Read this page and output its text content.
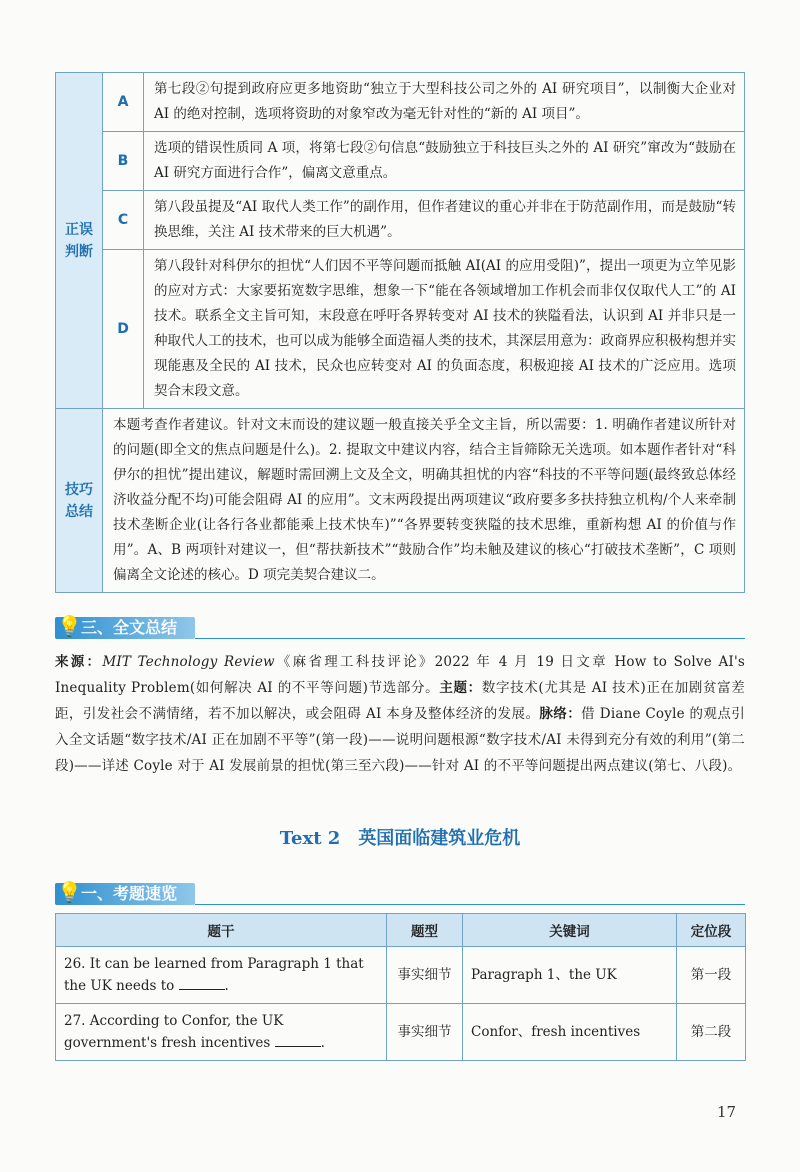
正误判断	A	第七段②句提到政府应更多地资助“独立于大型科技公司之外的 AI 研究项目”，以制衡大企业对 AI 的绝对控制，选项将资助的对象窄改为毫无针对性的“新的 AI 项目”。
	B	选项的错误性质同 A 项，将第七段②句信息“鼓励独立于科技巨头之外的 AI 研究”窜改为“鼓励在 AI 研究方面进行合作”，偏离文意重点。
	C	第八段虽提及“AI 取代人类工作”的副作用，但作者建议的重心并非在于防范副作用，而是鼓励“转换思维，关注 AI 技术带来的巨大机遇”。
	D	第八段针对科伊尔的担忧“人们因不平等问题而抵触 AI(AI 的应用受阻)”，提出一项更为立竿见影的应对方式：大家要拓宽数字思维，想象一下“能在各领域增加工作机会而非仅仅取代人工”的 AI 技术。联系全文主旨可知，末段意在呼吁各界转变对 AI 技术的狭隘看法，认识到 AI 并非只是一种取代人工的技术，也可以成为能够全面造福人类的技术，其深层用意为：政商界应积极构想并实现能惠及全民的 AI 技术，民众也应转变对 AI 的负面态度，积极迎接 AI 技术的广泛应用。选项契合末段文意。

技巧总结	本题考查作者建议。针对文末而设的建议题一般直接关乎全文主旨，所以需要：1. 明确作者建议所针对的问题(即全文的焦点问题是什么)。2. 提取文中建议内容，结合主旨筛除无关选项。如本题作者针对“科伊尔的担忧”提出建议，解题时需回溯上文及全文，明确其担忧的内容“科技的不平等问题(最终致总体经济收益分配不均)可能会阻碍 AI 的应用”。文末两段提出两项建议“政府要多多扶持独立机构/个人来牵制技术垄断企业(让各行各业都能乘上技术快车)”“各界要转变狭隘的技术思维，重新构想 AI 的价值与作用”。A、B 两项针对建议一，但“帮扶新技术”“鼓励合作”均未触及建议的核心“打破技术垄断”，C 项则偏离全文论述的核心。D 项完美契合建议二。	
💡 三、全文总结
来源：MIT Technology Review《麻省理工科技评论》2022 年 4 月 19 日文章 How to Solve AI's Inequality Problem(如何解决 AI 的不平等问题)节选部分。主题：数字技术(尤其是 AI 技术)正在加剧贫富差距，引发社会不满情绪，若不加以解决，或会阻碍 AI 本身及整体经济的发展。脉络：借 Diane Coyle 的观点引入全文话题“数字技术/AI 正在加剧不平等”(第一段)——说明问题根源“数字技术/AI 未得到充分有效的利用”(第二段)——详述 Coyle 对于 AI 发展前景的担忧(第三至六段)——针对 AI 的不平等问题提出两点建议(第七、八段)。
Text 2 英国面临建筑业危机
💡 一、考题速览
题干	题型	关键词	定位段
26. It can be learned from Paragraph 1 that the UK needs to .	事实细节	Paragraph 1、the UK	第一段
27. According to Confor, the UK government's fresh incentives .	事实细节	Confor、fresh incentives	第二段
17
